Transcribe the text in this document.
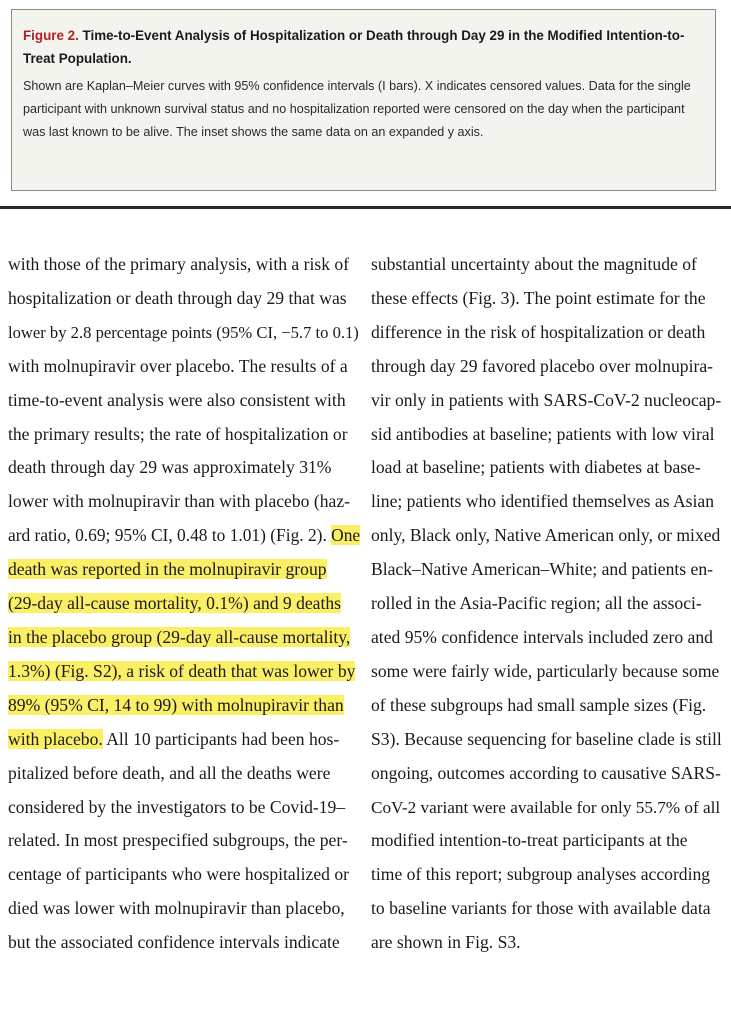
Figure 2. Time-to-Event Analysis of Hospitalization or Death through Day 29 in the Modified Intention-to-Treat Population.

Shown are Kaplan–Meier curves with 95% confidence intervals (I bars). X indicates censored values. Data for the single participant with unknown survival status and no hospitalization reported were censored on the day when the participant was last known to be alive. The inset shows the same data on an expanded y axis.

with those of the primary analysis, with a risk of
hospitalization or death through day 29 that was
lower by 2.8 percentage points (95% CI, −5.7 to 0.1)
with molnupiravir over placebo. The results of a
time-to-event analysis were also consistent with
the primary results; the rate of hospitalization or
death through day 29 was approximately 31%
lower with molnupiravir than with placebo (haz-
ard ratio, 0.69; 95% CI, 0.48 to 1.01) (Fig. 2). One
death was reported in the molnupiravir group
(29-day all-cause mortality, 0.1%) and 9 deaths
in the placebo group (29-day all-cause mortality,
1.3%) (Fig. S2), a risk of death that was lower by
89% (95% CI, 14 to 99) with molnupiravir than
with placebo. All 10 participants had been hos-
pitalized before death, and all the deaths were
considered by the investigators to be Covid-19–
related. In most prespecified subgroups, the per-
centage of participants who were hospitalized or
died was lower with molnupiravir than placebo,
but the associated confidence intervals indicate
substantial uncertainty about the magnitude of
these effects (Fig. 3). The point estimate for the
difference in the risk of hospitalization or death
through day 29 favored placebo over molnupira-
vir only in patients with SARS-CoV-2 nucleocap-
sid antibodies at baseline; patients with low viral
load at baseline; patients with diabetes at base-
line; patients who identified themselves as Asian
only, Black only, Native American only, or mixed
Black–Native American–White; and patients en-
rolled in the Asia-Pacific region; all the associ-
ated 95% confidence intervals included zero and
some were fairly wide, particularly because some
of these subgroups had small sample sizes (Fig.
S3). Because sequencing for baseline clade is still
ongoing, outcomes according to causative SARS-
CoV-2 variant were available for only 55.7% of all
modified intention-to-treat participants at the
time of this report; subgroup analyses according
to baseline variants for those with available data
are shown in Fig. S3.
